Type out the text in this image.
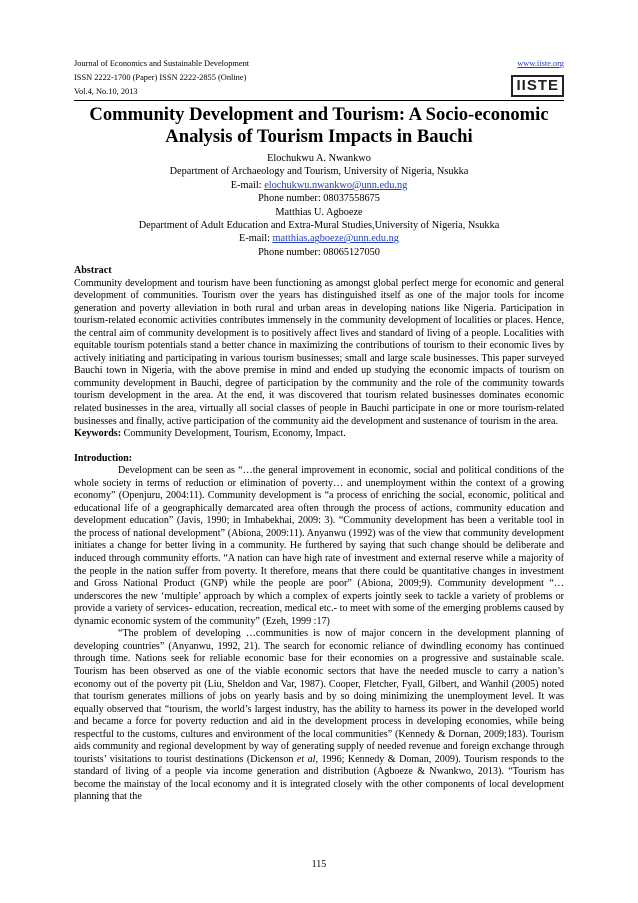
Journal of Economics and Sustainable Development
ISSN 2222-1700 (Paper) ISSN 2222-2855 (Online)
Vol.4, No.10, 2013
www.iiste.org
IISTE
Community Development and Tourism: A Socio-economic Analysis of Tourism Impacts in Bauchi
Elochukwu A. Nwankwo
Department of Archaeology and Tourism, University of Nigeria, Nsukka
E-mail: elochukwu.nwankwo@unn.edu.ng
Phone number: 08037558675
Matthias U. Agboeze
Department of Adult Education and Extra-Mural Studies,University of Nigeria, Nsukka
E-mail: matthias.agboeze@unn.edu.ng
Phone number: 08065127050

Abstract

Community development and tourism have been functioning as amongst global perfect merge for economic and general development of communities. Tourism over the years has distinguished itself as one of the major tools for income generation and poverty alleviation in both rural and urban areas in developing nations like Nigeria. Participation in tourism-related economic activities contributes immensely in the community development of localities or places. Hence, the central aim of community development is to positively affect lives and standard of living of a people. Localities with equitable tourism potentials stand a better chance in maximizing the contributions of tourism to their economic lives by actively initiating and participating in various tourism businesses; small and large scale businesses. This paper surveyed Bauchi town in Nigeria, with the above premise in mind and ended up studying the economic impacts of tourism on community development in Bauchi, degree of participation by the community and the role of the community towards tourism development in the area. At the end, it was discovered that tourism related businesses dominates economic related businesses in the area, virtually all social classes of people in Bauchi participate in one or more tourism-related businesses and finally, active participation of the community aid the development and sustenance of tourism in the area.

Keywords: Community Development, Tourism, Economy, Impact.

Introduction:

Development can be seen as “…the general improvement in economic, social and political conditions of the whole society in terms of reduction or elimination of poverty… and unemployment within the context of a growing economy” (Openjuru, 2004:11). Community development is “a process of enriching the social, economic, political and educational life of a geographically demarcated area often through the process of actions, community education and development education” (Javis, 1990; in Imhabekhai, 2009: 3). “Community development has been a veritable tool in the process of national development” (Abiona, 2009:11). Anyanwu (1992) was of the view that community development initiates a change for better living in a community. He furthered by saying that such change should be deliberate and induced through community efforts. “A nation can have high rate of investment and external reserve while a majority of the people in the nation suffer from poverty. It therefore, means that there could be quantitative changes in investment and Gross National Product (GNP) while the people are poor” (Abiona, 2009;9). Community development “…underscores the new ‘multiple’ approach by which a complex of experts jointly seek to tackle a variety of problems or provide a variety of services- education, recreation, medical etc.- to meet with some of the emerging problems caused by dynamic economic system of the community” (Ezeh, 1999 :17)

“The problem of developing …communities is now of major concern in the development planning of developing countries” (Anyanwu, 1992, 21). The search for economic reliance of dwindling economy has continued through time. Nations seek for reliable economic base for their economies on a progressive and sustainable scale. Tourism has been observed as one of the viable economic sectors that have the needed muscle to carry a nation’s economy out of the poverty pit (Liu, Sheldon and Var, 1987). Cooper, Fletcher, Fyall, Gilbert, and Wanhil (2005) noted that tourism generates millions of jobs on yearly basis and by so doing minimizing the unemployment level. It was equally observed that “tourism, the world’s largest industry, has the ability to harness its power in the developed world and became a force for poverty reduction and aid in the development process in developing economies, while being respectful to the customs, cultures and environment of the local communities” (Kennedy & Dornan, 2009;183). Tourism aids community and regional development by way of generating supply of needed revenue and foreign exchange through tourists’ visitations to tourist destinations (Dickenson et al, 1996; Kennedy & Doman, 2009). Tourism responds to the standard of living of a people via income generation and distribution (Agboeze & Nwankwo, 2013). “Tourism has become the mainstay of the local economy and it is integrated closely with the other components of local development planning that the

115
